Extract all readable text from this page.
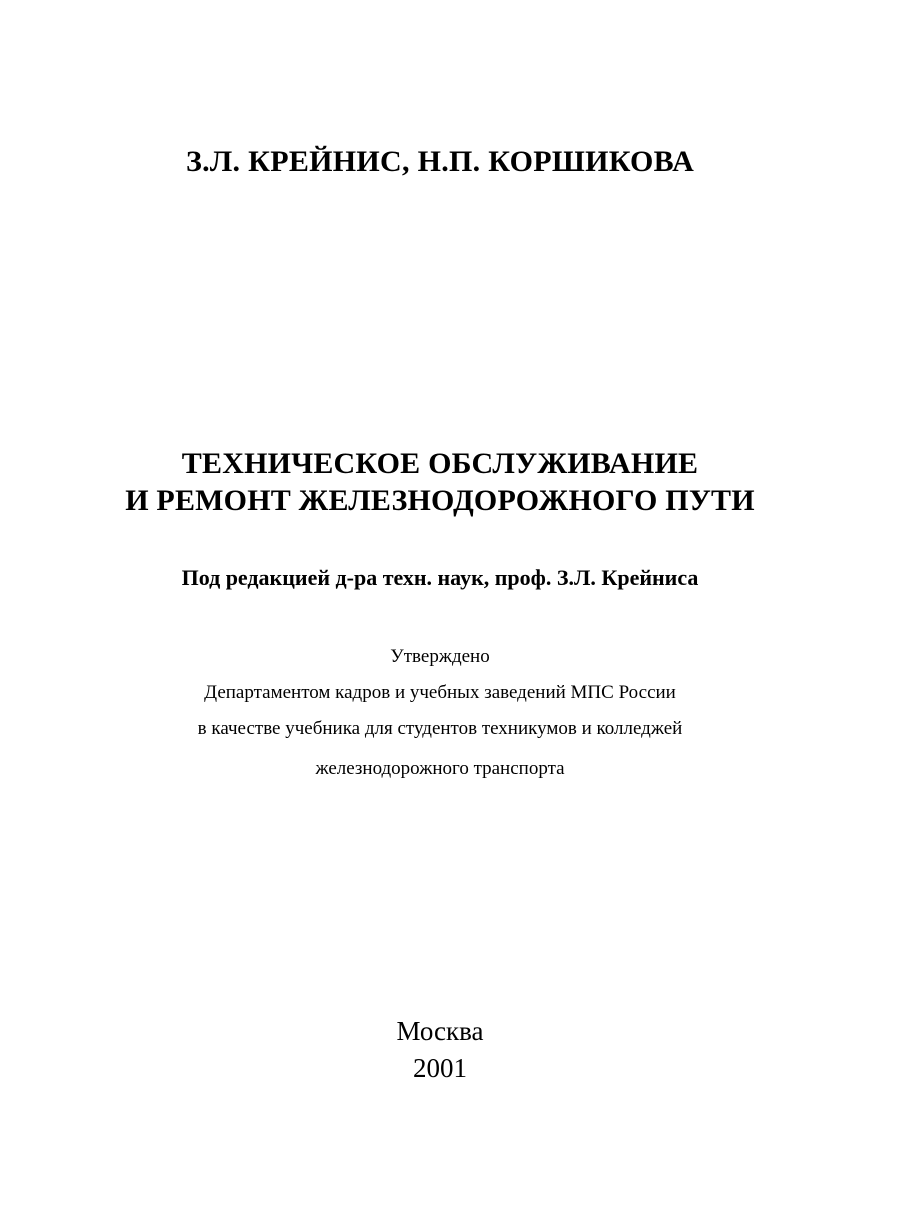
З.Л. КРЕЙНИС, Н.П. КОРШИКОВА
ТЕХНИЧЕСКОЕ ОБСЛУЖИВАНИЕ
И РЕМОНТ ЖЕЛЕЗНОДОРОЖНОГО ПУТИ
Под редакцией д-ра техн. наук, проф. З.Л. Крейниса
Утверждено
Департаментом кадров и учебных заведений МПС России
в качестве учебника для студентов техникумов и колледжей
железнодорожного транспорта
Москва
2001
